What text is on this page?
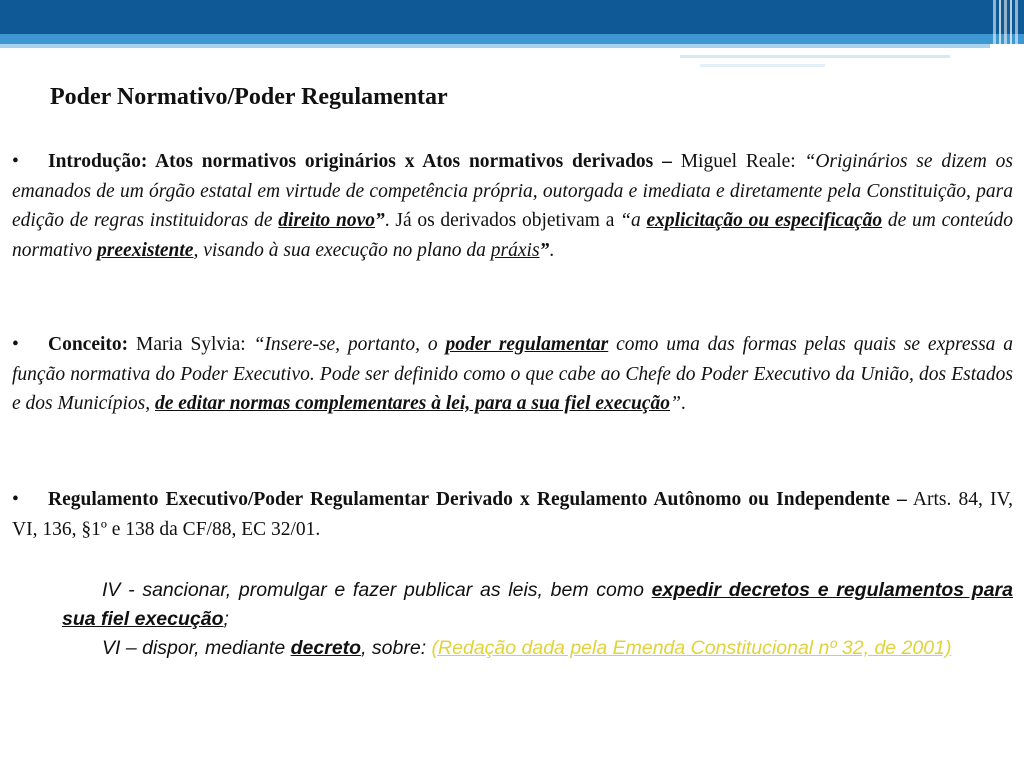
Poder Normativo/Poder Regulamentar

• Introdução: Atos normativos originários x Atos normativos derivados – Miguel Reale: “Originários se dizem os emanados de um órgão estatal em virtude de competência própria, outorgada e imediata e diretamente pela Constituição, para edição de regras instituidoras de direito novo”. Já os derivados objetivam a “a explicitação ou especificação de um conteúdo normativo preexistente, visando à sua execução no plano da práxis”.

• Conceito: Maria Sylvia: “Insere-se, portanto, o poder regulamentar como uma das formas pelas quais se expressa a função normativa do Poder Executivo. Pode ser definido como o que cabe ao Chefe do Poder Executivo da União, dos Estados e dos Municípios, de editar normas complementares à lei, para a sua fiel execução”.

• Regulamento Executivo/Poder Regulamentar Derivado x Regulamento Autônomo ou Independente – Arts. 84, IV, VI, 136, §1º e 138 da CF/88, EC 32/01.

IV - sancionar, promulgar e fazer publicar as leis, bem como expedir decretos e regulamentos para sua fiel execução;
VI – dispor, mediante decreto, sobre: (Redação dada pela Emenda Constitucional nº 32, de 2001)
